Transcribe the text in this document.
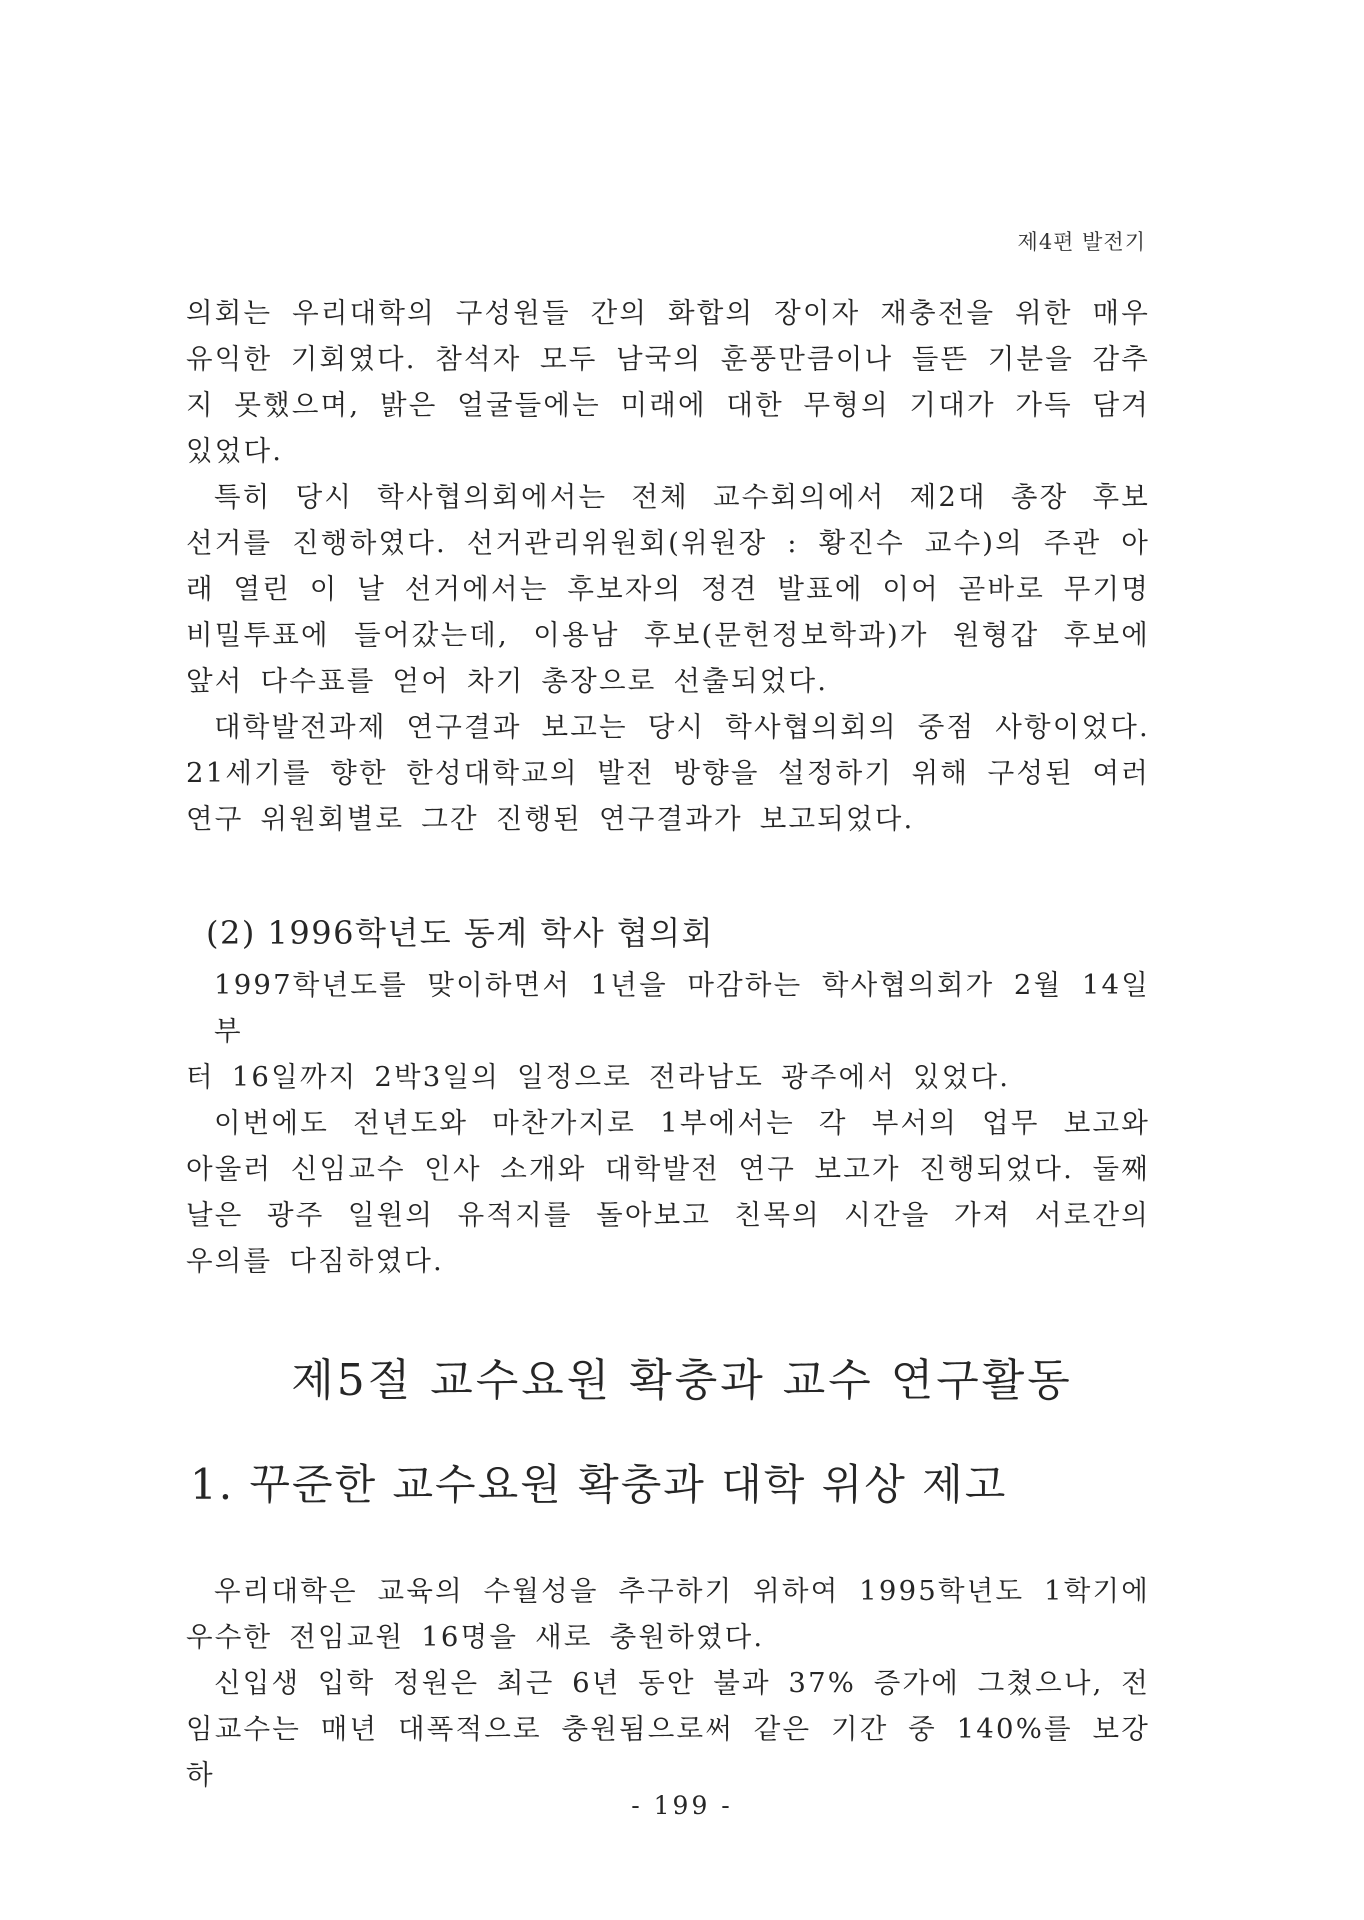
제4편 발전기

의회는 우리대학의 구성원들 간의 화합의 장이자 재충전을 위한 매우
유익한 기회였다. 참석자 모두 남국의 훈풍만큼이나 들뜬 기분을 감추
지 못했으며, 밝은 얼굴들에는 미래에 대한 무형의 기대가 가득 담겨
있었다.

특히 당시 학사협의회에서는 전체 교수회의에서 제2대 총장 후보
선거를 진행하였다. 선거관리위원회(위원장 : 황진수 교수)의 주관 아
래 열린 이 날 선거에서는 후보자의 정견 발표에 이어 곧바로 무기명
비밀투표에 들어갔는데, 이용남 후보(문헌정보학과)가 원형갑 후보에
앞서 다수표를 얻어 차기 총장으로 선출되었다.

대학발전과제 연구결과 보고는 당시 학사협의회의 중점 사항이었다.
21세기를 향한 한성대학교의 발전 방향을 설정하기 위해 구성된 여러
연구 위원회별로 그간 진행된 연구결과가 보고되었다.

(2) 1996학년도 동계 학사 협의회

1997학년도를 맞이하면서 1년을 마감하는 학사협의회가 2월 14일부
터 16일까지 2박3일의 일정으로 전라남도 광주에서 있었다.

이번에도 전년도와 마찬가지로 1부에서는 각 부서의 업무 보고와
아울러 신임교수 인사 소개와 대학발전 연구 보고가 진행되었다. 둘째
날은 광주 일원의 유적지를 돌아보고 친목의 시간을 가져 서로간의
우의를 다짐하였다.

제5절 교수요원 확충과 교수 연구활동
1. 꾸준한 교수요원 확충과 대학 위상 제고

우리대학은 교육의 수월성을 추구하기 위하여 1995학년도 1학기에
우수한 전임교원 16명을 새로 충원하였다.

신입생 입학 정원은 최근 6년 동안 불과 37% 증가에 그쳤으나, 전
임교수는 매년 대폭적으로 충원됨으로써 같은 기간 중 140%를 보강하

- 199 -
